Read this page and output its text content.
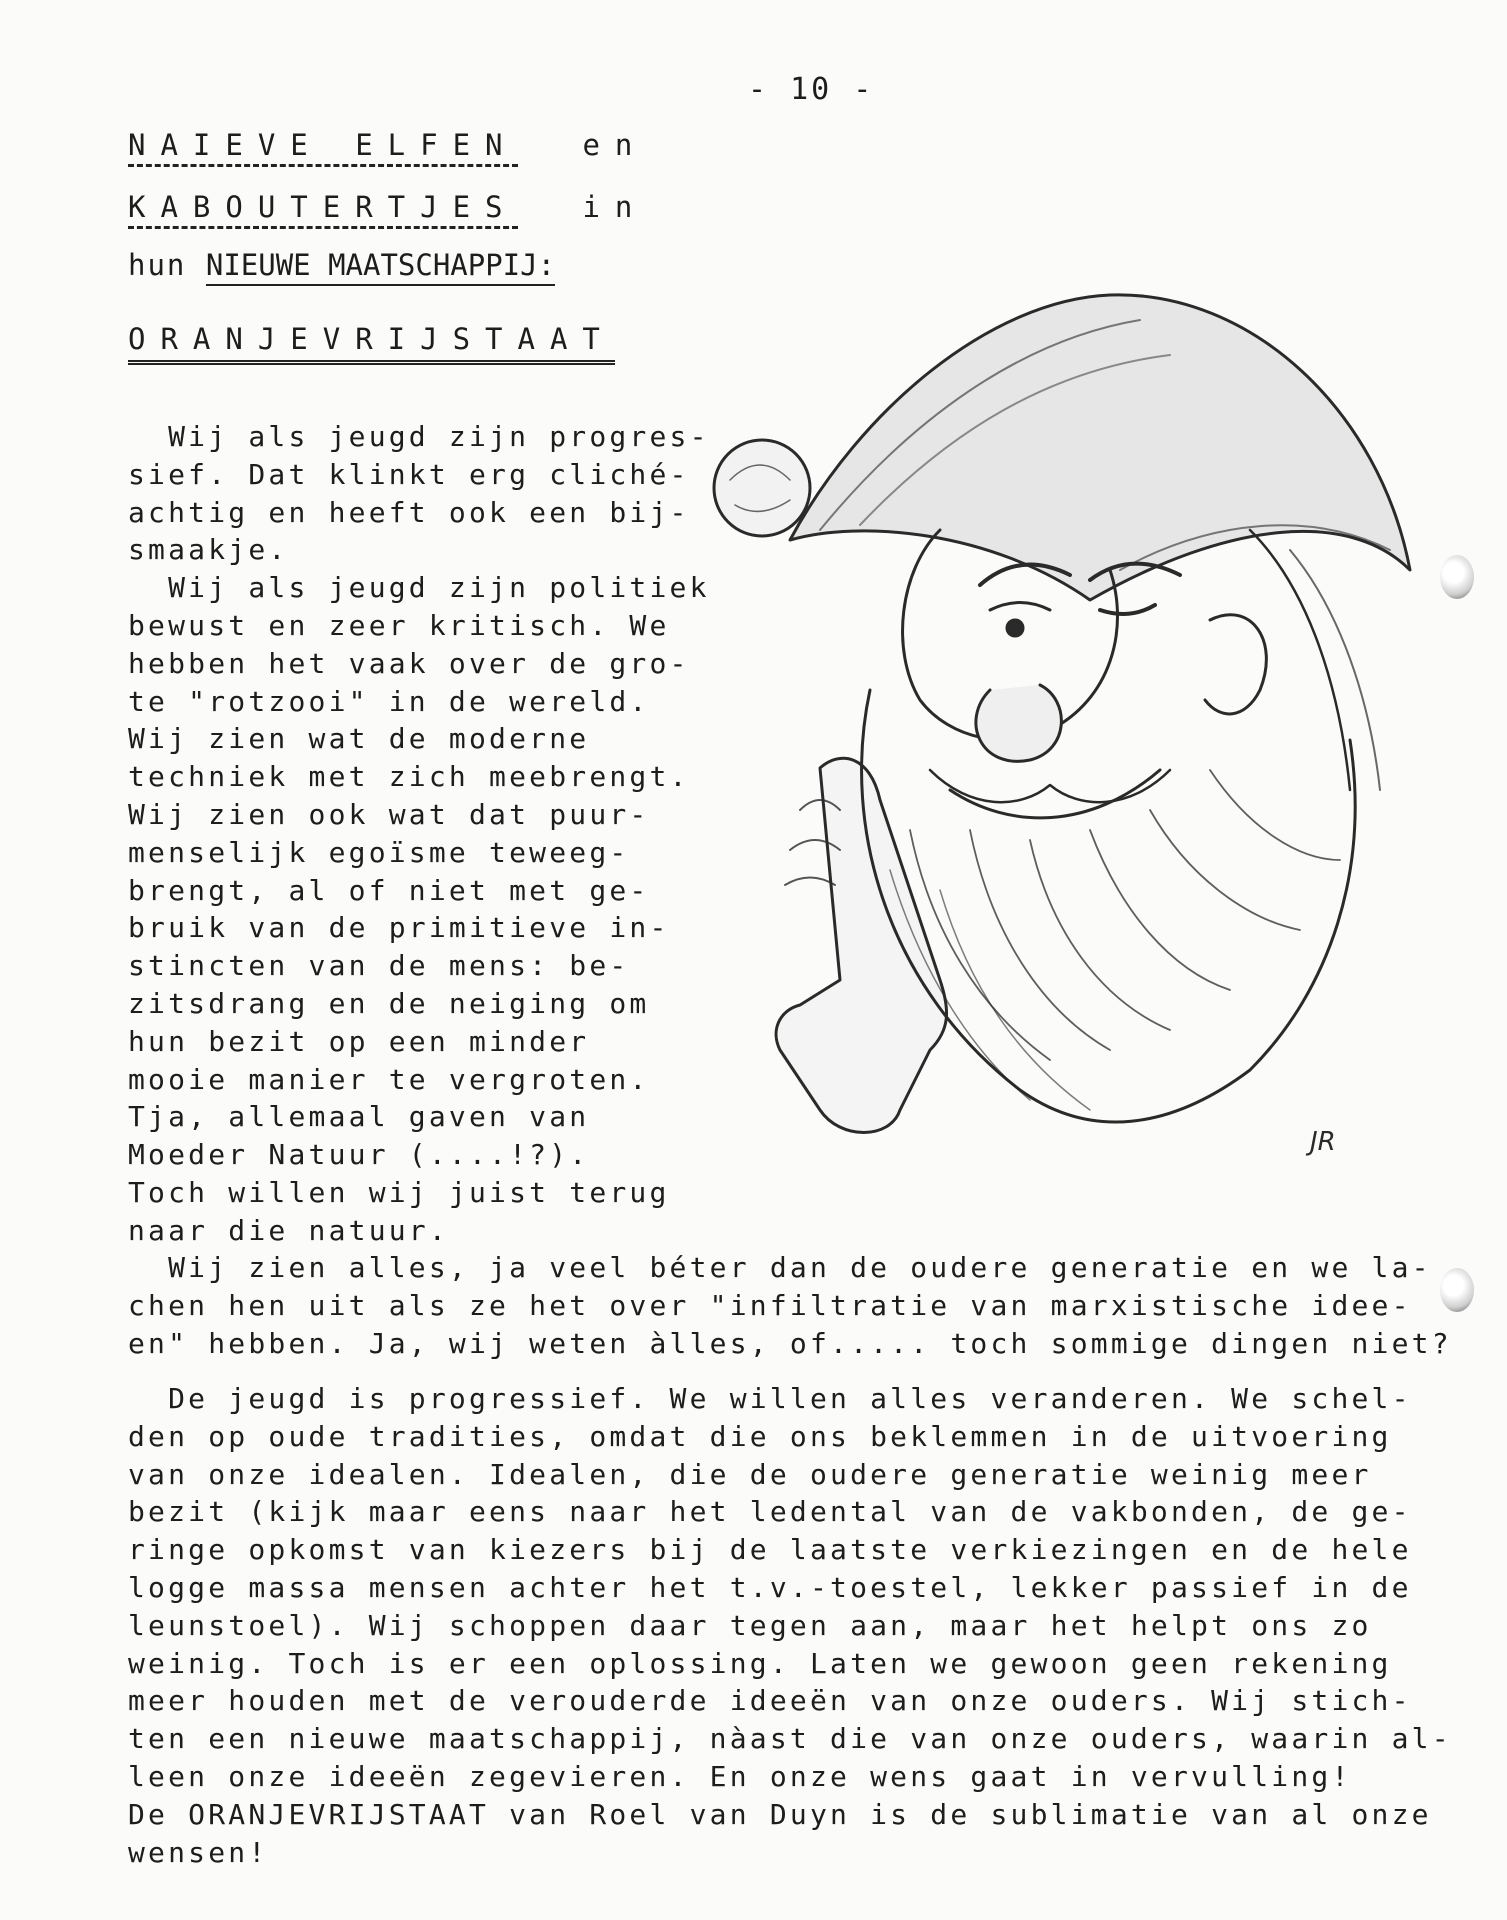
- 10 -
NAIEVE ELFEN en
KABOUTERTJES in
hun NIEUWE MAATSCHAPPIJ:
ORANJEVRIJSTAAT
Wij als jeugd zijn progres-
sief. Dat klinkt erg cliché-
achtig en heeft ook een bij-
smaakje.
Wij als jeugd zijn politiek
bewust en zeer kritisch. We
hebben het vaak over de gro-
te "rotzooi" in de wereld.
Wij zien wat de moderne
techniek met zich meebrengt.
Wij zien ook wat dat puur-
menselijk egoïsme teweeg-
brengt, al of niet met ge-
bruik van de primitieve in-
stincten van de mens: be-
zitsdrang en de neiging om
hun bezit op een minder
mooie manier te vergroten.
Tja, allemaal gaven van
Moeder Natuur (....!?).
Toch willen wij juist terug
naar die natuur.
Wij zien alles, ja veel béter dan de oudere generatie en we la-
chen hen uit als ze het over "infiltratie van marxistische idee-
en" hebben. Ja, wij weten àlles, of..... toch sommige dingen niet?
De jeugd is progressief. We willen alles veranderen. We schel-
den op oude tradities, omdat die ons beklemmen in de uitvoering
van onze idealen. Idealen, die de oudere generatie weinig meer
bezit (kijk maar eens naar het ledental van de vakbonden, de ge-
ringe opkomst van kiezers bij de laatste verkiezingen en de hele
logge massa mensen achter het t.v.-toestel, lekker passief in de
leunstoel). Wij schoppen daar tegen aan, maar het helpt ons zo
weinig. Toch is er een oplossing. Laten we gewoon geen rekening
meer houden met de verouderde ideeën van onze ouders. Wij stich-
ten een nieuwe maatschappij, nàast die van onze ouders, waarin al-
leen onze ideeën zegevieren. En onze wens gaat in vervulling!
De ORANJEVRIJSTAAT van Roel van Duyn is de sublimatie van al onze
wensen!
JR
